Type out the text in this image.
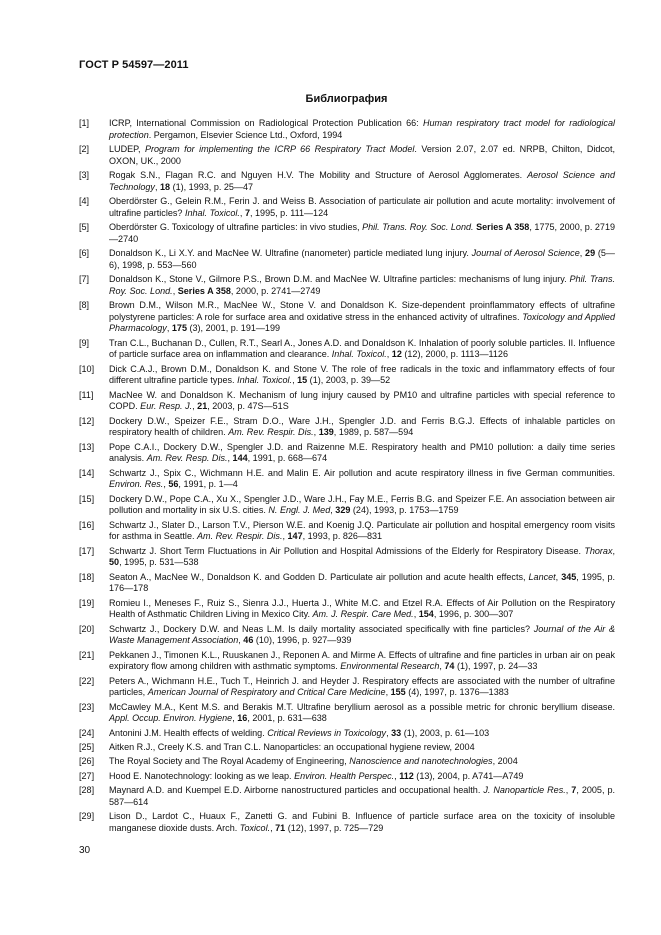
ГОСТ Р 54597—2011
Библиография
[1]	ICRP, International Commission on Radiological Protection Publication 66: Human respiratory tract model for radiological protection. Pergamon, Elsevier Science Ltd., Oxford, 1994
[2]	LUDEP, Program for implementing the ICRP 66 Respiratory Tract Model. Version 2.07, 2.07 ed. NRPB, Chilton, Didcot, OXON, UK., 2000
[3]	Rogak S.N., Flagan R.C. and Nguyen H.V. The Mobility and Structure of Aerosol Agglomerates. Aerosol Science and Technology, 18 (1), 1993, p. 25—47
[4]	Oberdörster G., Gelein R.M., Ferin J. and Weiss B. Association of particulate air pollution and acute mortality: involvement of ultrafine particles? Inhal. Toxicol., 7, 1995, p. 111—124
[5]	Oberdörster G. Toxicology of ultrafine particles: in vivo studies, Phil. Trans. Roy. Soc. Lond. Series A 358, 1775, 2000, p. 2719—2740
[6]	Donaldson K., Li X.Y. and MacNee W. Ultrafine (nanometer) particle mediated lung injury. Journal of Aerosol Science, 29 (5—6), 1998, p. 553—560
[7]	Donaldson K., Stone V., Gilmore P.S., Brown D.M. and MacNee W. Ultrafine particles: mechanisms of lung injury. Phil. Trans. Roy. Soc. Lond., Series A 358, 2000, p. 2741—2749
[8]	Brown D.M., Wilson M.R., MacNee W., Stone V. and Donaldson K. Size-dependent proinflammatory effects of ultrafine polystyrene particles: A role for surface area and oxidative stress in the enhanced activity of ultrafines. Toxicology and Applied Pharmacology, 175 (3), 2001, p. 191—199
[9]	Tran C.L., Buchanan D., Cullen, R.T., Searl A., Jones A.D. and Donaldson K. Inhalation of poorly soluble particles. II. Influence of particle surface area on inflammation and clearance. Inhal. Toxicol., 12 (12), 2000, p. 1113—1126
[10]	Dick C.A.J., Brown D.M., Donaldson K. and Stone V. The role of free radicals in the toxic and inflammatory effects of four different ultrafine particle types. Inhal. Toxicol., 15 (1), 2003, p. 39—52
[11]	MacNee W. and Donaldson K. Mechanism of lung injury caused by PM10 and ultrafine particles with special reference to COPD. Eur. Resp. J., 21, 2003, p. 47S—51S
[12]	Dockery D.W., Speizer F.E., Stram D.O., Ware J.H., Spengler J.D. and Ferris B.G.J. Effects of inhalable particles on respiratory health of children. Am. Rev. Respir. Dis., 139, 1989, p. 587—594
[13]	Pope C.A.I., Dockery D.W., Spengler J.D. and Raizenne M.E. Respiratory health and PM10 pollution: a daily time series analysis. Am. Rev. Resp. Dis., 144, 1991, p. 668—674
[14]	Schwartz J., Spix C., Wichmann H.E. and Malin E. Air pollution and acute respiratory illness in five German communities. Environ. Res., 56, 1991, p. 1—4
[15]	Dockery D.W., Pope C.A., Xu X., Spengler J.D., Ware J.H., Fay M.E., Ferris B.G. and Speizer F.E. An association between air pollution and mortality in six U.S. cities. N. Engl. J. Med, 329 (24), 1993, p. 1753—1759
[16]	Schwartz J., Slater D., Larson T.V., Pierson W.E. and Koenig J.Q. Particulate air pollution and hospital emergency room visits for asthma in Seattle. Am. Rev. Respir. Dis., 147, 1993, p. 826—831
[17]	Schwartz J. Short Term Fluctuations in Air Pollution and Hospital Admissions of the Elderly for Respiratory Disease. Thorax, 50, 1995, p. 531—538
[18]	Seaton A., MacNee W., Donaldson K. and Godden D. Particulate air pollution and acute health effects, Lancet, 345, 1995, p. 176—178
[19]	Romieu I., Meneses F., Ruiz S., Sienra J.J., Huerta J., White M.C. and Etzel R.A. Effects of Air Pollution on the Respiratory Health of Asthmatic Children Living in Mexico City. Am. J. Respir. Care Med., 154, 1996, p. 300—307
[20]	Schwartz J., Dockery D.W. and Neas L.M. Is daily mortality associated specifically with fine particles? Journal of the Air & Waste Management Association, 46 (10), 1996, p. 927—939
[21]	Pekkanen J., Timonen K.L., Ruuskanen J., Reponen A. and Mirme A. Effects of ultrafine and fine particles in urban air on peak expiratory flow among children with asthmatic symptoms. Environmental Research, 74 (1), 1997, p. 24—33
[22]	Peters A., Wichmann H.E., Tuch T., Heinrich J. and Heyder J. Respiratory effects are associated with the number of ultrafine particles, American Journal of Respiratory and Critical Care Medicine, 155 (4), 1997, p. 1376—1383
[23]	McCawley M.A., Kent M.S. and Berakis M.T. Ultrafine beryllium aerosol as a possible metric for chronic beryllium disease. Appl. Occup. Environ. Hygiene, 16, 2001, p. 631—638
[24]	Antonini J.M. Health effects of welding. Critical Reviews in Toxicology, 33 (1), 2003, p. 61—103
[25]	Aitken R.J., Creely K.S. and Tran C.L. Nanoparticles: an occupational hygiene review, 2004
[26]	The Royal Society and The Royal Academy of Engineering, Nanoscience and nanotechnologies, 2004
[27]	Hood E. Nanotechnology: looking as we leap. Environ. Health Perspec., 112 (13), 2004, p. A741—A749
[28]	Maynard A.D. and Kuempel E.D. Airborne nanostructured particles and occupational health. J. Nanoparticle Res., 7, 2005, p. 587—614
[29]	Lison D., Lardot C., Huaux F., Zanetti G. and Fubini B. Influence of particle surface area on the toxicity of insoluble manganese dioxide dusts. Arch. Toxicol., 71 (12), 1997, p. 725—729
30
